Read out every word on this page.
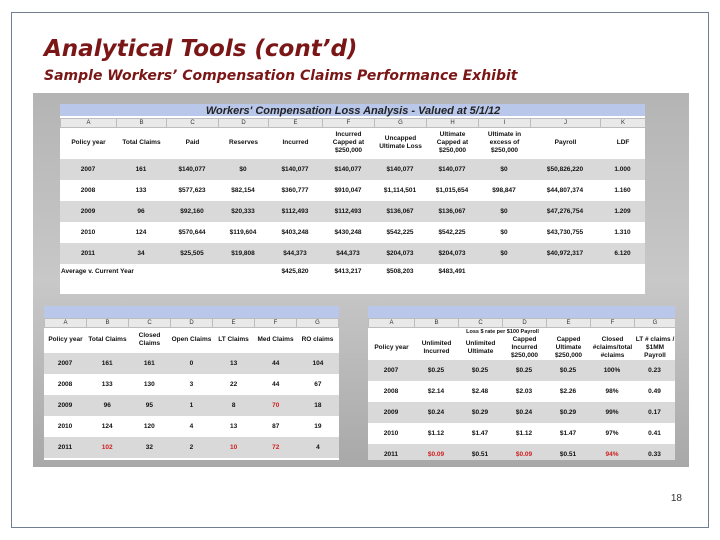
Analytical Tools (cont’d)
Sample Workers’ Compensation Claims Performance Exhibit
Workers' Compensation Loss Analysis - Valued at 5/1/12										
A	B	C	D	E	F	G	H	I	J	K
Policy year	Total Claims	Paid	Reserves	Incurred	Incurred Capped at $250,000	Uncapped Ultimate Loss	Ultimate Capped at $250,000	Ultimate in excess of $250,000	Payroll	LDF
2007	161	$140,077	$0	$140,077	$140,077	$140,077	$140,077	$0	$50,826,220	1.000
2008	133	$577,623	$82,154	$360,777	$910,047	$1,114,501	$1,015,654	$98,847	$44,807,374	1.160
2009	96	$92,160	$20,333	$112,493	$112,493	$136,067	$136,067	$0	$47,276,754	1.209
2010	124	$570,644	$119,604	$403,248	$430,248	$542,225	$542,225	$0	$43,730,755	1.310
2011	34	$25,505	$19,808	$44,373	$44,373	$204,073	$204,073	$0	$40,972,317	6.120
Average v. Current Year				$425,820	$413,217	$508,203	$483,491			

A	B	C	D	E	F	G
Policy year	Total Claims	Closed Claims	Open Claims	LT Claims	Med Claims	RO claims
2007	161	161	0	13	44	104
2008	133	130	3	22	44	67
2009	96	95	1	8	70	18
2010	124	120	4	13	87	19
2011	102	32	2	10	72	4

A	B	C	D	E	F	G
	Loss $ rate per $100 Payroll					
Policy year	Unlimited Incurred	Unlimited Ultimate	Capped Incurred $250,000	Capped Ultimate $250,000	Closed #claims/total #claims	LT # claims / $1MM Payroll
2007	$0.25	$0.25	$0.25	$0.25	100%	0.23
2008	$2.14	$2.48	$2.03	$2.26	98%	0.49
2009	$0.24	$0.29	$0.24	$0.29	99%	0.17
2010	$1.12	$1.47	$1.12	$1.47	97%	0.41
2011	$0.09	$0.51	$0.09	$0.51	94%	0.33
18
